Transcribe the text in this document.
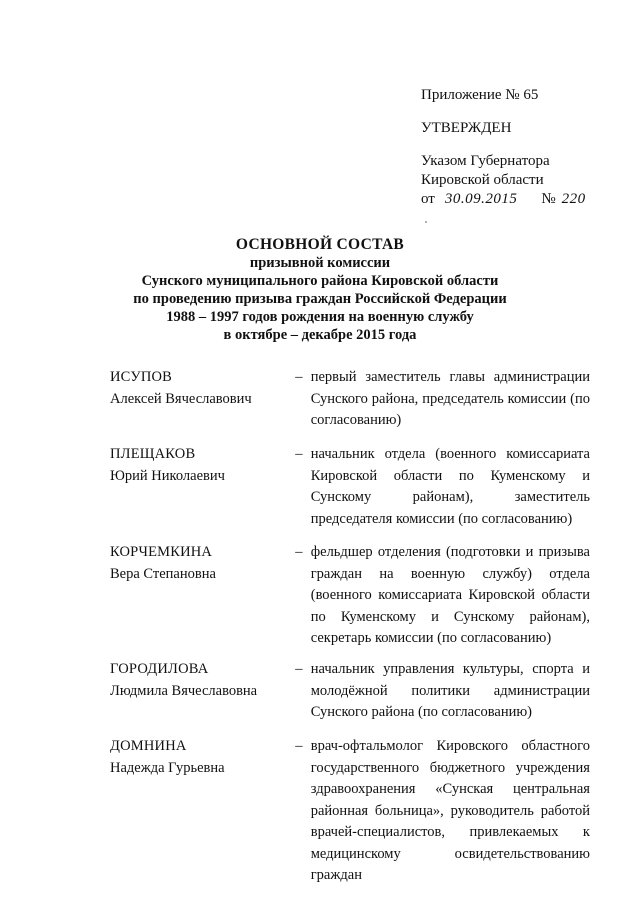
Приложение № 65
УТВЕРЖДЕН
Указом Губернатора
Кировской области
от 30.09.2015 № 220
ОСНОВНОЙ СОСТАВ
призывной комиссии
Сунского муниципального района Кировской области
по проведению призыва граждан Российской Федерации
1988 – 1997 годов рождения на военную службу
в октябре – декабре 2015 года
ИСУПОВ
Алексей Вячеславович
– первый заместитель главы администрации Сунского района, председатель комиссии (по согласованию)
ПЛЕЩАКОВ
Юрий Николаевич
– начальник отдела (военного комиссариата Кировской области по Куменскому и Сунскому районам), заместитель председателя комиссии (по согласованию)
КОРЧЕМКИНА
Вера Степановна
– фельдшер отделения (подготовки и призыва граждан на военную службу) отдела (военного комиссариата Кировской области по Куменскому и Сунскому районам), секретарь комиссии (по согласованию)
ГОРОДИЛОВА
Людмила Вячеславовна
– начальник управления культуры, спорта и молодёжной политики администрации Сунского района (по согласованию)
ДОМНИНА
Надежда Гурьевна
– врач-офтальмолог Кировского областного государственного бюджетного учреждения здравоохранения «Сунская центральная районная больница», руководитель работой врачей-специалистов, привлекаемых к медицинскому освидетельствованию граждан
